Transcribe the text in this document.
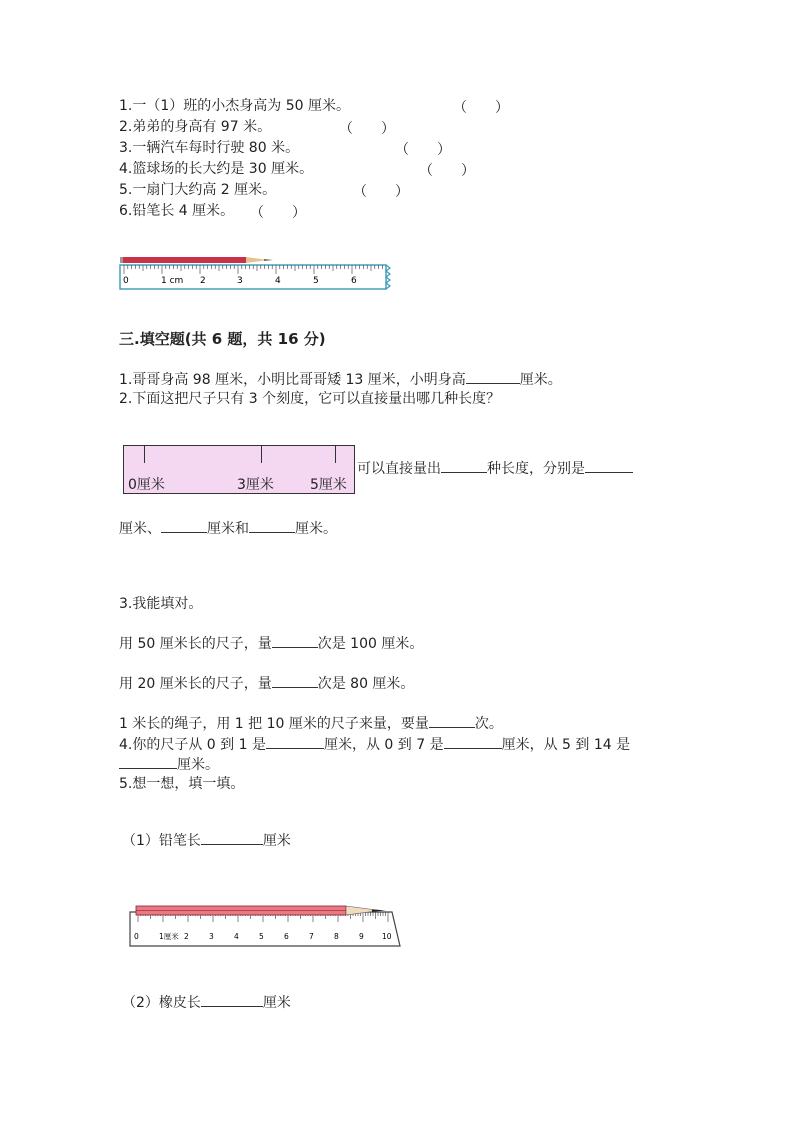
1.一（1）班的小杰身高为 50 厘米。	（　　）
2.弟弟的身高有 97 米。	（　　）
3.一辆汽车每时行驶 80 米。	（　　）
4.篮球场的长大约是 30 厘米。	（　　）
5.一扇门大约高 2 厘米。	（　　）
6.铅笔长 4 厘米。 （　　）
0	1 cm 2	3	4	5	6
三.填空题(共 6 题，共 16 分)
1.哥哥身高 98 厘米，小明比哥哥矮 13 厘米，小明身高	厘米。
2.下面这把尺子只有 3 个刻度，它可以直接量出哪几种长度？
0厘米	3厘米	5厘米
可以直接量出	种长度，分别是
厘米、	厘米和	厘米。
3.我能填对。
用 50 厘米长的尺子，量	次是 100 厘米。
用 20 厘米长的尺子，量	次是 80 厘米。
1 米长的绳子，用 1 把 10 厘米的尺子来量，要量	次。
4.你的尺子从 0 到 1 是	厘米，从 0 到 7 是	厘米，从 5 到 14 是
厘米。
5.想一想，填一填。
（1）铅笔长	厘米
0	1厘米 2	3	4	5	6	7	8	9 10
（2）橡皮长	厘米
